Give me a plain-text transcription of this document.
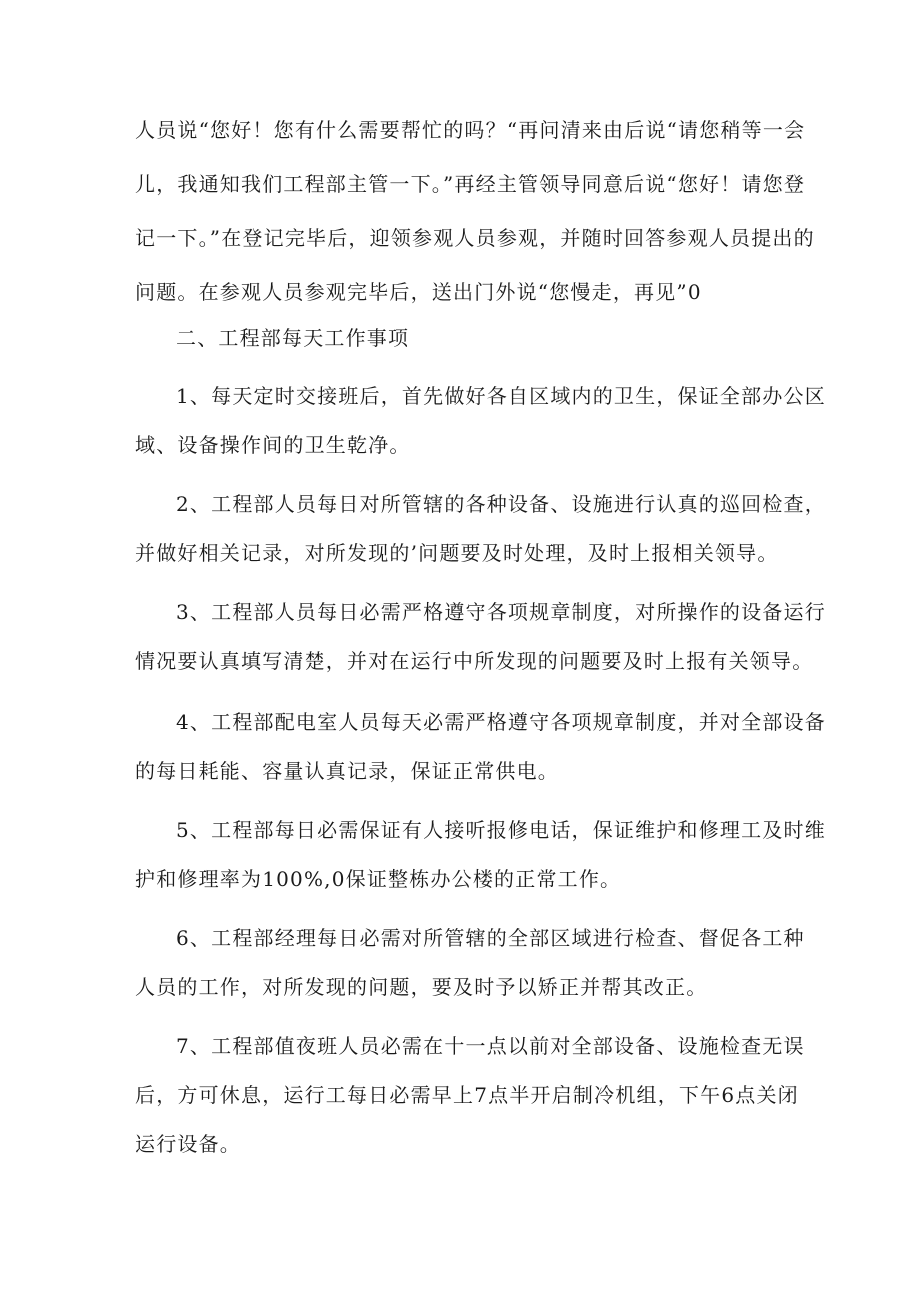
人员说“您好！您有什么需要帮忙的吗？“再问清来由后说“请您稍等一会
儿，我通知我们工程部主管一下。”再经主管领导同意后说“您好！请您登
记一下。”在登记完毕后，迎领参观人员参观，并随时回答参观人员提出的
问题。在参观人员参观完毕后，送出门外说“您慢走，再见”0
二、工程部每天工作事项
1、每天定时交接班后，首先做好各自区域内的卫生，保证全部办公区
域、设备操作间的卫生乾净。
2、工程部人员每日对所管辖的各种设备、设施进行认真的巡回检查，
并做好相关记录，对所发现的’问题要及时处理，及时上报相关领导。
3、工程部人员每日必需严格遵守各项规章制度，对所操作的设备运行
情况要认真填写清楚，并对在运行中所发现的问题要及时上报有关领导。
4、工程部配电室人员每天必需严格遵守各项规章制度，并对全部设备
的每日耗能、容量认真记录，保证正常供电。
5、工程部每日必需保证有人接听报修电话，保证维护和修理工及时维
护和修理率为100%,0保证整栋办公楼的正常工作。
6、工程部经理每日必需对所管辖的全部区域进行检查、督促各工种
人员的工作，对所发现的问题，要及时予以矫正并帮其改正。
7、工程部值夜班人员必需在十一点以前对全部设备、设施检查无误
后，方可休息，运行工每日必需早上7点半开启制冷机组，下午6点关闭
运行设备。
